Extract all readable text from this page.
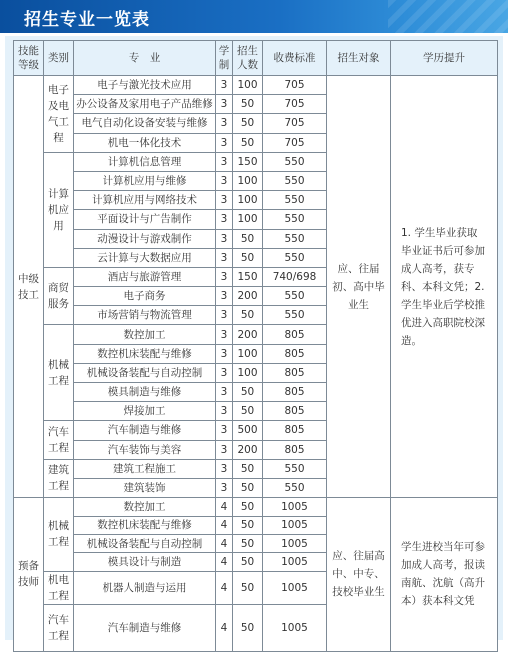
招生专业一览表
技能等级	类别	专　业	学制	招生人数	收费标准	招生对象	学历提升
中级技工	电子及电气工程	电子与激光技术应用	3	100	705	应、往届初、高中毕业生	1. 学生毕业获取毕业证书后可参加成人高考，获专科、本科文凭；2.学生毕业后学校推优进入高职院校深造。
		办公设备及家用电子产品维修	3	50	705		
		电气自动化设备安装与维修	3	50	705		
		机电一体化技术	3	50	705		
	计算机应用	计算机信息管理	3	150	550		
		计算机应用与维修	3	100	550		
		计算机应用与网络技术	3	100	550		
		平面设计与广告制作	3	100	550		
		动漫设计与游戏制作	3	50	550		
		云计算与大数据应用	3	50	550		
	商贸服务	酒店与旅游管理	3	150	740/698		
		电子商务	3	200	550		
		市场营销与物流管理	3	50	550		
	机械工程	数控加工	3	200	805		
		数控机床装配与维修	3	100	805		
		机械设备装配与自动控制	3	100	805		
		模具制造与维修	3	50	805		
		焊接加工	3	50	805		
	汽车工程	汽车制造与维修	3	500	805		
		汽车装饰与美容	3	200	805		
	建筑工程	建筑工程施工	3	50	550		
		建筑装饰	3	50	550		
预备技师	机械工程	数控加工	4	50	1005	应、往届高中、中专、技校毕业生	学生进校当年可参加成人高考，报读南航、沈航（高升本）获本科文凭
		数控机床装配与维修	4	50	1005		
		机械设备装配与自动控制	4	50	1005		
		模具设计与制造	4	50	1005		
	机电工程	机器人制造与运用	4	50	1005		
	汽车工程	汽车制造与维修	4	50	1005		
